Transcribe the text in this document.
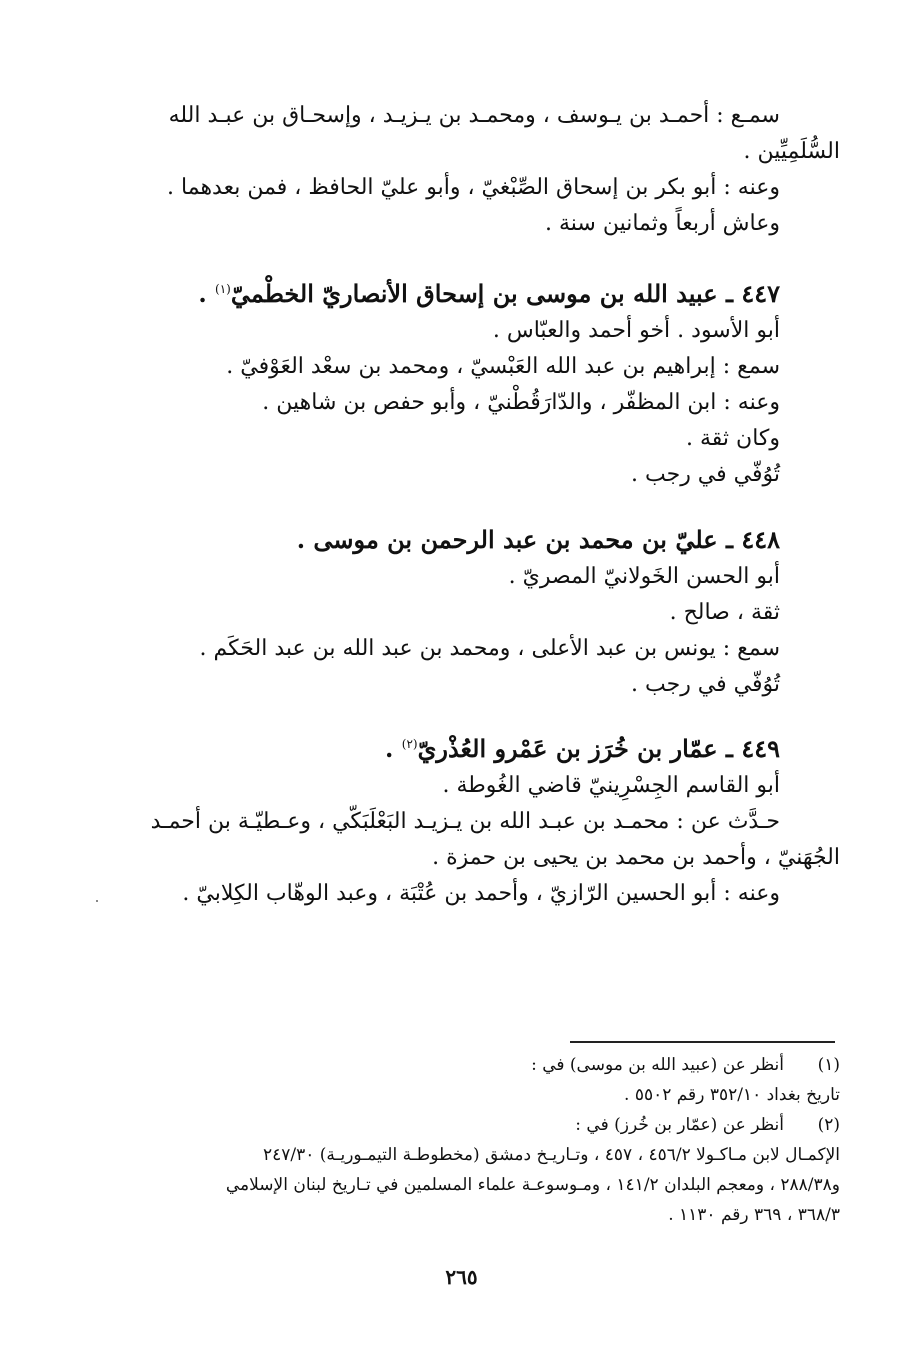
سمـع : أحمـد بن يـوسف ، ومحمـد بن يـزيـد ، وإسحـاق بن عبـد الله
السُّلَمِيِّين .
وعنه : أبو بكر بن إسحاق الصِّبْغيّ ، وأبو عليّ الحافظ ، فمن بعدهما .
وعاش أربعاً وثمانين سنة .
٤٤٧ ـ عبيد الله بن موسى بن إسحاق الأنصاريّ الخطْميّ$^{(١)}$ .
أبو الأسود . أخو أحمد والعبّاس .
سمع : إبراهيم بن عبد الله العَبْسيّ ، ومحمد بن سعْد العَوْفيّ .
وعنه : ابن المظفّر ، والدّارَقُطْنيّ ، وأبو حفص بن شاهين .
وكان ثقة .
تُوُفّي في رجب .
٤٤٨ ـ عليّ بن محمد بن عبد الرحمن بن موسى .
أبو الحسن الخَولانيّ المصريّ .
ثقة ، صالح .
سمع : يونس بن عبد الأعلى ، ومحمد بن عبد الله بن عبد الحَكَم .
تُوُفّي في رجب .
٤٤٩ ـ عمّار بن خُرَز بن عَمْرو العُذْريّ$^{(٢)}$ .
أبو القاسم الجِسْرِينيّ قاضي الغُوطة .
حـدَّث عن : محمـد بن عبـد الله بن يـزيـد البَعْلَبَكّي ، وعـطيّـة بن أحمـد
الجُهَنيّ ، وأحمد بن محمد بن يحيى بن حمزة .
وعنه : أبو الحسين الرّازيّ ، وأحمد بن عُتْبَة ، وعبد الوهّاب الكِلابيّ .
(١)
أنظر عن (عبيد الله بن موسى) في :
تاريخ بغداد ٣٥٢/١٠ رقم ٥٥٠٢ .
(٢)
أنظر عن (عمّار بن خُرز) في :
الإكمـال لابن مـاكـولا ٤٥٦/٢ ، ٤٥٧ ، وتـاريـخ دمشق (مخطوطـة التيمـوريـة) ٢٤٧/٣٠
و٢٨٨/٣٨ ، ومعجم البلدان ١٤١/٢ ، ومـوسوعـة علماء المسلمين في تـاريخ لبنان الإسلامي
٣٦٨/٣ ، ٣٦٩ رقم ١١٣٠ .
٢٦٥
